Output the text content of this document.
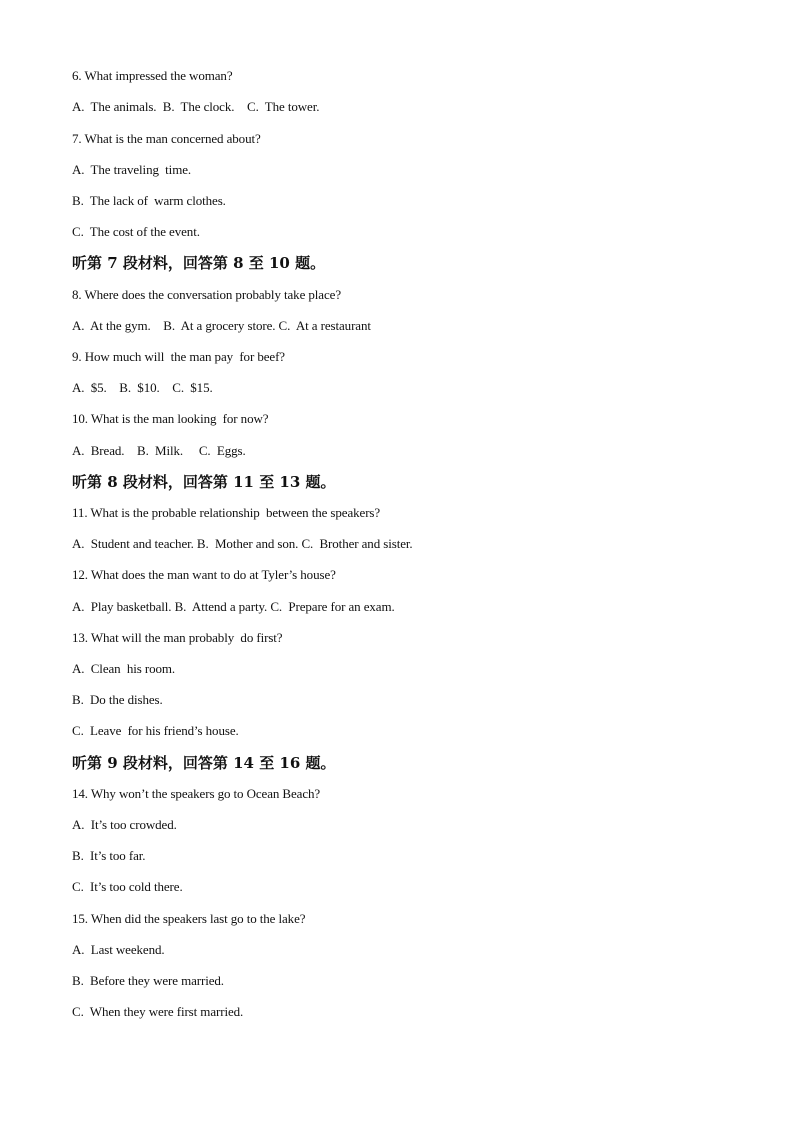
6. What impressed the woman?
A.  The animals.  B.  The clock.    C.  The tower.
7. What is the man concerned about?
A.  The traveling  time.
B.  The lack of  warm clothes.
C.  The cost of the event.
听第 7 段材料，回答第 8 至 10 题。
8. Where does the conversation probably take place?
A.  At the gym.    B.  At a grocery store. C.  At a restaurant
9. How much will  the man pay  for beef?
A.  $5.    B.  $10.    C.  $15.
10. What is the man looking  for now?
A.  Bread.    B.  Milk.     C.  Eggs.
听第 8 段材料，回答第 11 至 13 题。
11. What is the probable relationship  between the speakers?
A.  Student and teacher. B.  Mother and son. C.  Brother and sister.
12. What does the man want to do at Tyler’s house?
A.  Play basketball. B.  Attend a party. C.  Prepare for an exam.
13. What will the man probably  do first?
A.  Clean  his room.
B.  Do the dishes.
C.  Leave  for his friend’s house.
听第 9 段材料，回答第 14 至 16 题。
14. Why won’t the speakers go to Ocean Beach?
A.  It’s too crowded.
B.  It’s too far.
C.  It’s too cold there.
15. When did the speakers last go to the lake?
A.  Last weekend.
B.  Before they were married.
C.  When they were first married.
